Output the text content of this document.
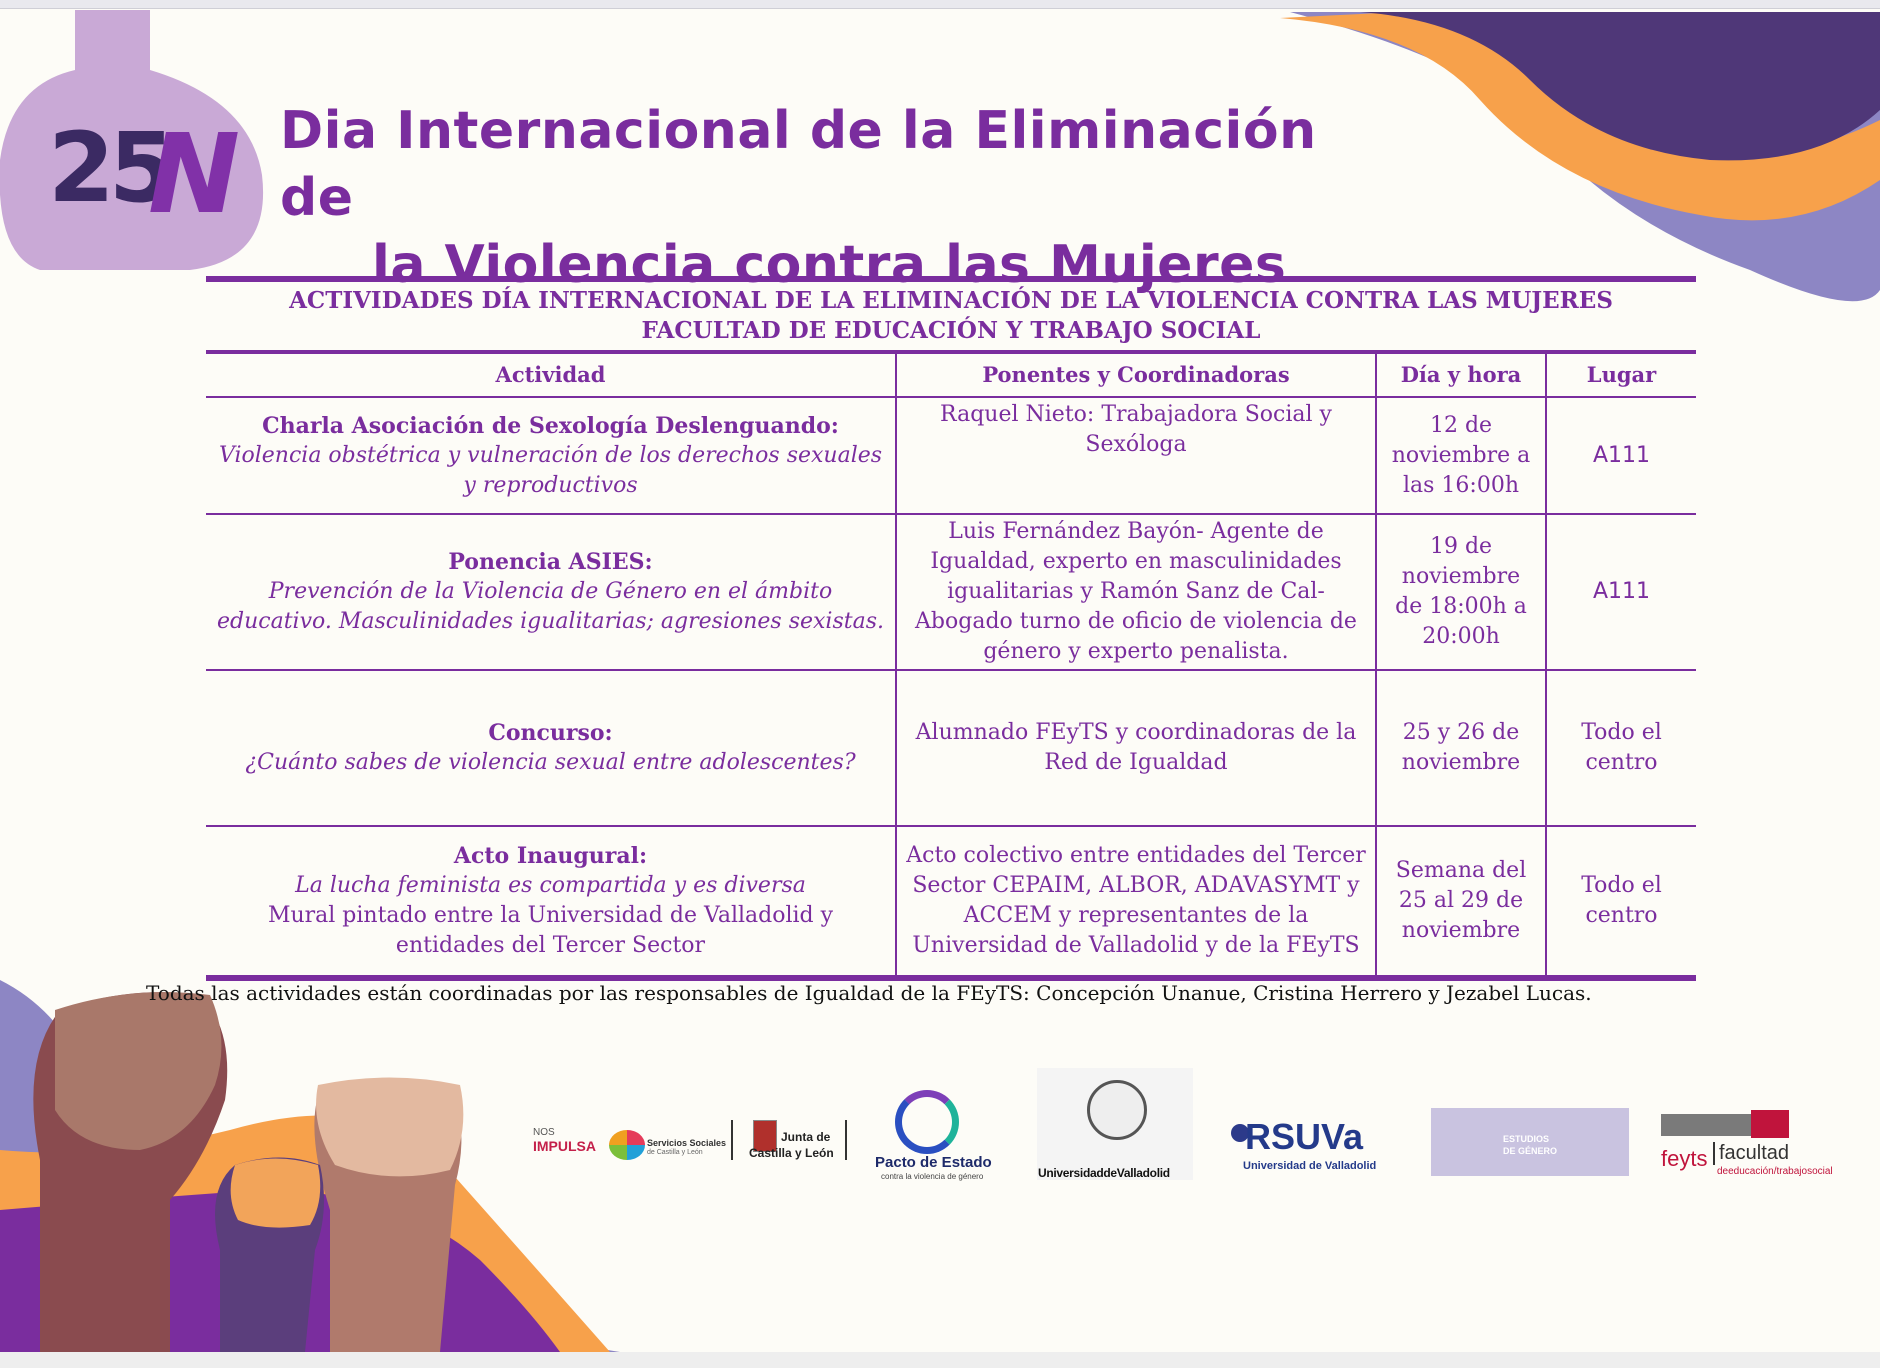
25
N Dia Internacional de la Eliminación de
la Violencia contra las Mujeres
ACTIVIDADES DÍA INTERNACIONAL DE LA ELIMINACIÓN DE LA VIOLENCIA CONTRA LAS MUJERES
FACULTAD DE EDUCACIÓN Y TRABAJO SOCIAL			

Actividad	Ponentes y Coordinadoras	Día y hora	Lugar

Charla Asociación de Sexología Deslenguando:
Violencia obstétrica y vulneración de los derechos sexuales y reproductivos	Raquel Nieto: Trabajadora Social y Sexóloga	12 de noviembre a las 16:00h	A111

Ponencia ASIES:
Prevención de la Violencia de Género en el ámbito educativo. Masculinidades igualitarias; agresiones sexistas.	Luis Fernández Bayón- Agente de Igualdad, experto en masculinidades igualitarias y Ramón Sanz de Cal- Abogado turno de oficio de violencia de género y experto penalista.	19 de noviembre de 18:00h a 20:00h	A111

Concurso:
¿Cuánto sabes de violencia sexual entre adolescentes?	Alumnado FEyTS y coordinadoras de la Red de Igualdad	25 y 26 de noviembre	Todo el centro

Acto Inaugural:
La lucha feminista es compartida y es diversa
Mural pintado entre la Universidad de Valladolid y entidades del Tercer Sector	Acto colectivo entre entidades del Tercer Sector CEPAIM, ALBOR, ADAVASYMT y ACCEM y representantes de la Universidad de Valladolid y de la FEyTS	Semana del 25 al 29 de noviembre	Todo el centro
Todas las actividades están coordinadas por las responsables de Igualdad de la FEyTS: Concepción Unanue, Cristina Herrero y Jezabel Lucas.
NOS
IMPULSA	Servicios Sociales
de Castilla y León
Junta de
Castilla y León
Pacto de Estado
contra la violencia de género	UniversidaddeValladolid
RSUVa
Universidad de Valladolid
ESTUDIOS
DE GÉNERO	feyts facultad
deeducación/trabajosocial
